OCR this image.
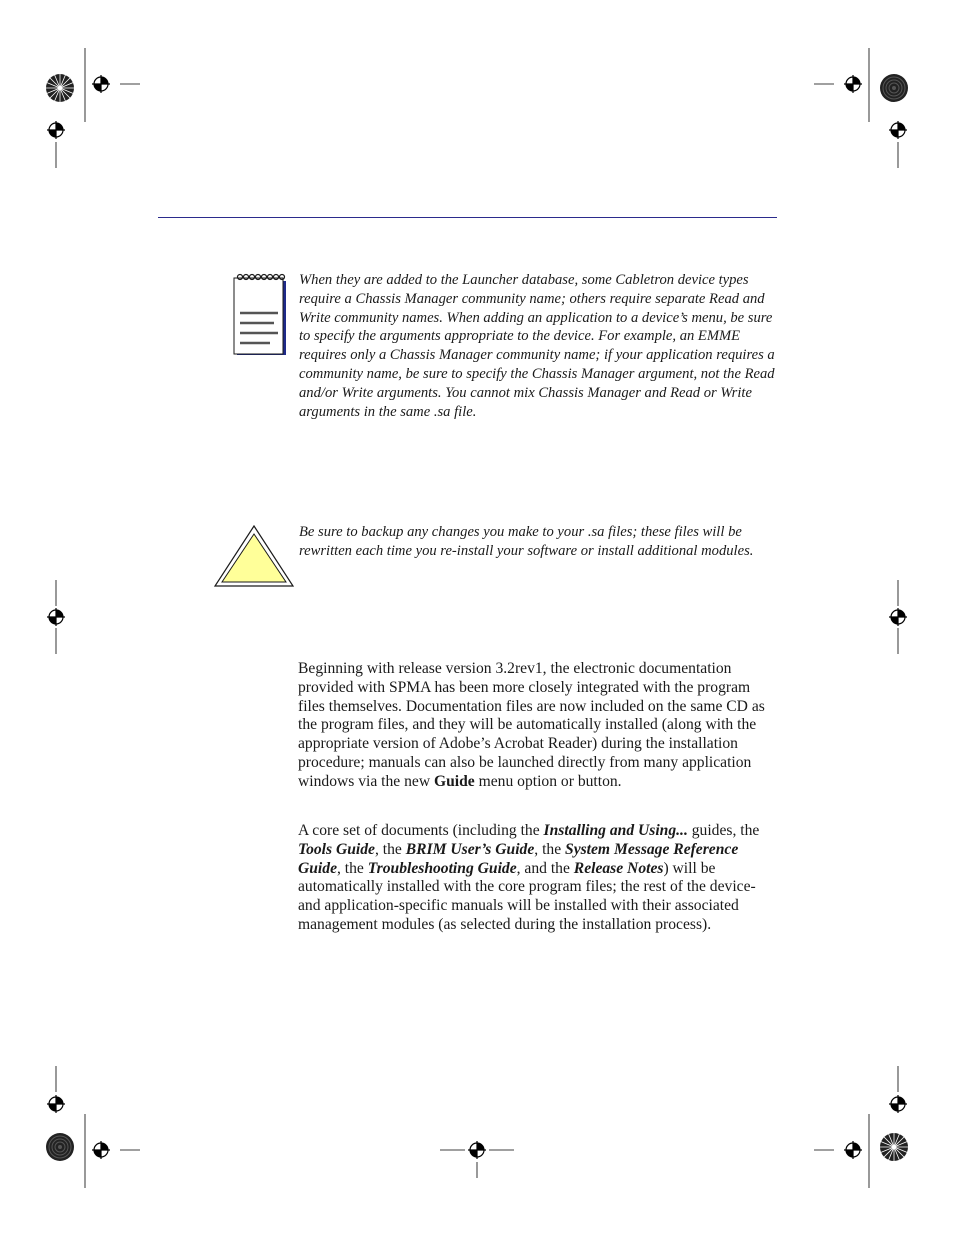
When they are added to the Launcher database, some Cabletron device types require a Chassis Manager community name; others require separate Read and Write community names. When adding an application to a device’s menu, be sure to specify the arguments appropriate to the device. For example, an EMME requires only a Chassis Manager community name; if your application requires a community name, be sure to specify the Chassis Manager argument, not the Read and/or Write arguments. You cannot mix Chassis Manager and Read or Write arguments in the same .sa file.

Be sure to backup any changes you make to your .sa files; these files will be rewritten each time you re-install your software or install additional modules.

Beginning with release version 3.2rev1, the electronic documentation provided with SPMA has been more closely integrated with the program files themselves. Documentation files are now included on the same CD as the program files, and they will be automatically installed (along with the appropriate version of Adobe’s Acrobat Reader) during the installation procedure; manuals can also be launched directly from many application windows via the new Guide menu option or button.

A core set of documents (including the Installing and Using... guides, the Tools Guide, the BRIM User’s Guide, the System Message Reference Guide, the Troubleshooting Guide, and the Release Notes) will be automatically installed with the core program files; the rest of the device- and application-specific manuals will be installed with their associated management modules (as selected during the installation process).
